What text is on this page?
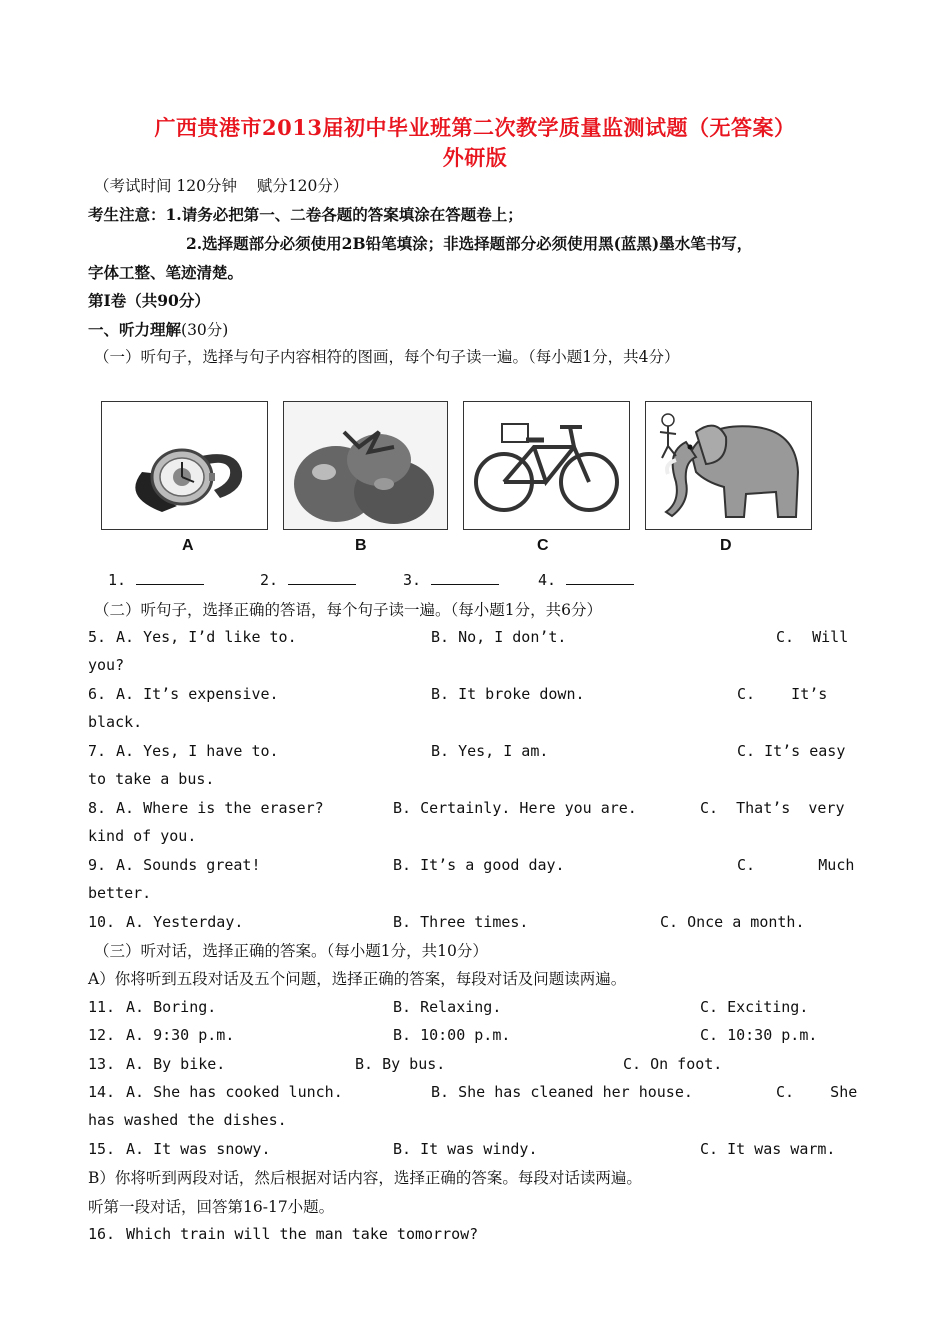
广西贵港市2013届初中毕业班第二次教学质量监测试题（无答案）
外研版
（考试时间 120分钟    赋分120分）
考生注意：1.请务必把第一、二卷各题的答案填涂在答题卷上；
2.选择题部分必须使用2B铅笔填涂；非选择题部分必须使用黑(蓝黑)墨水笔书写，
字体工整、笔迹清楚。
第Ⅰ卷（共90分）
一、听力理解(30分)
（一）听句子，选择与句子内容相符的图画，每个句子读一遍。（每小题1分，共4分）
A	B	C	D
1.	2.	3.	4.
（二）听句子，选择正确的答语，每个句子读一遍。（每小题1分，共6分）
5. A. Yes, I’d like to.	B. No, I don’t.	C.  Will
you?
6. A. It’s expensive.	B. It broke down.	C.    It’s
black.
7. A. Yes, I have to.	B. Yes, I am.	C. It’s easy
to take a bus.
8. A. Where is the eraser?	B. Certainly. Here you are.	C.  That’s  very
kind of you.
9. A. Sounds great!	B. It’s a good day.	C.       Much
better.
10. A. Yesterday.	B. Three times.	C. Once a month.
（三）听对话，选择正确的答案。（每小题1分，共10分）
A）你将听到五段对话及五个问题，选择正确的答案，每段对话及问题读两遍。
11. A. Boring.	B. Relaxing.	C. Exciting.
12. A. 9:30 p.m.	B. 10:00 p.m.	C. 10:30 p.m.
13. A. By bike.	B. By bus.	C. On foot.
14. A. She has cooked lunch.	B. She has cleaned her house.	C.    She
has washed the dishes.
15. A. It was snowy.	B. It was windy.	C. It was warm.
B）你将听到两段对话，然后根据对话内容，选择正确的答案。每段对话读两遍。
听第一段对话，回答第16-17小题。
16. Which train will the man take tomorrow?
